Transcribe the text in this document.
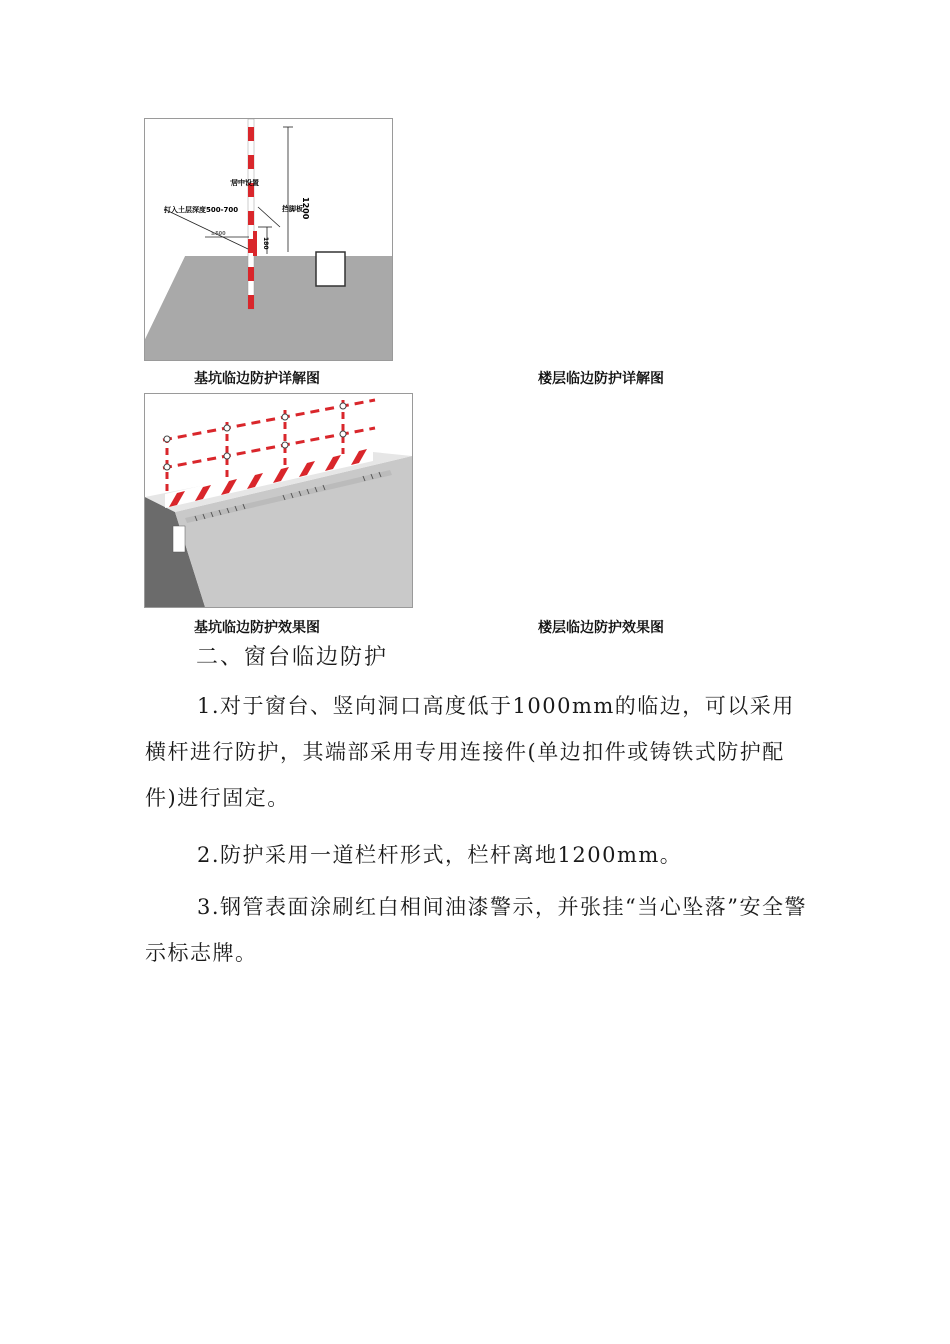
打入土层深度500-700
居中设置
1200
挡脚板
180
≥500
基坑临边防护详解图	楼层临边防护详解图
基坑临边防护效果图	楼层临边防护效果图
二、窗台临边防护

1.对于窗台、竖向洞口高度低于1000mm的临边，可以采用横杆进行防护，其端部采用专用连接件(单边扣件或铸铁式防护配件)进行固定。

2.防护采用一道栏杆形式，栏杆离地1200mm。

3.钢管表面涂刷红白相间油漆警示，并张挂“当心坠落”安全警示标志牌。
